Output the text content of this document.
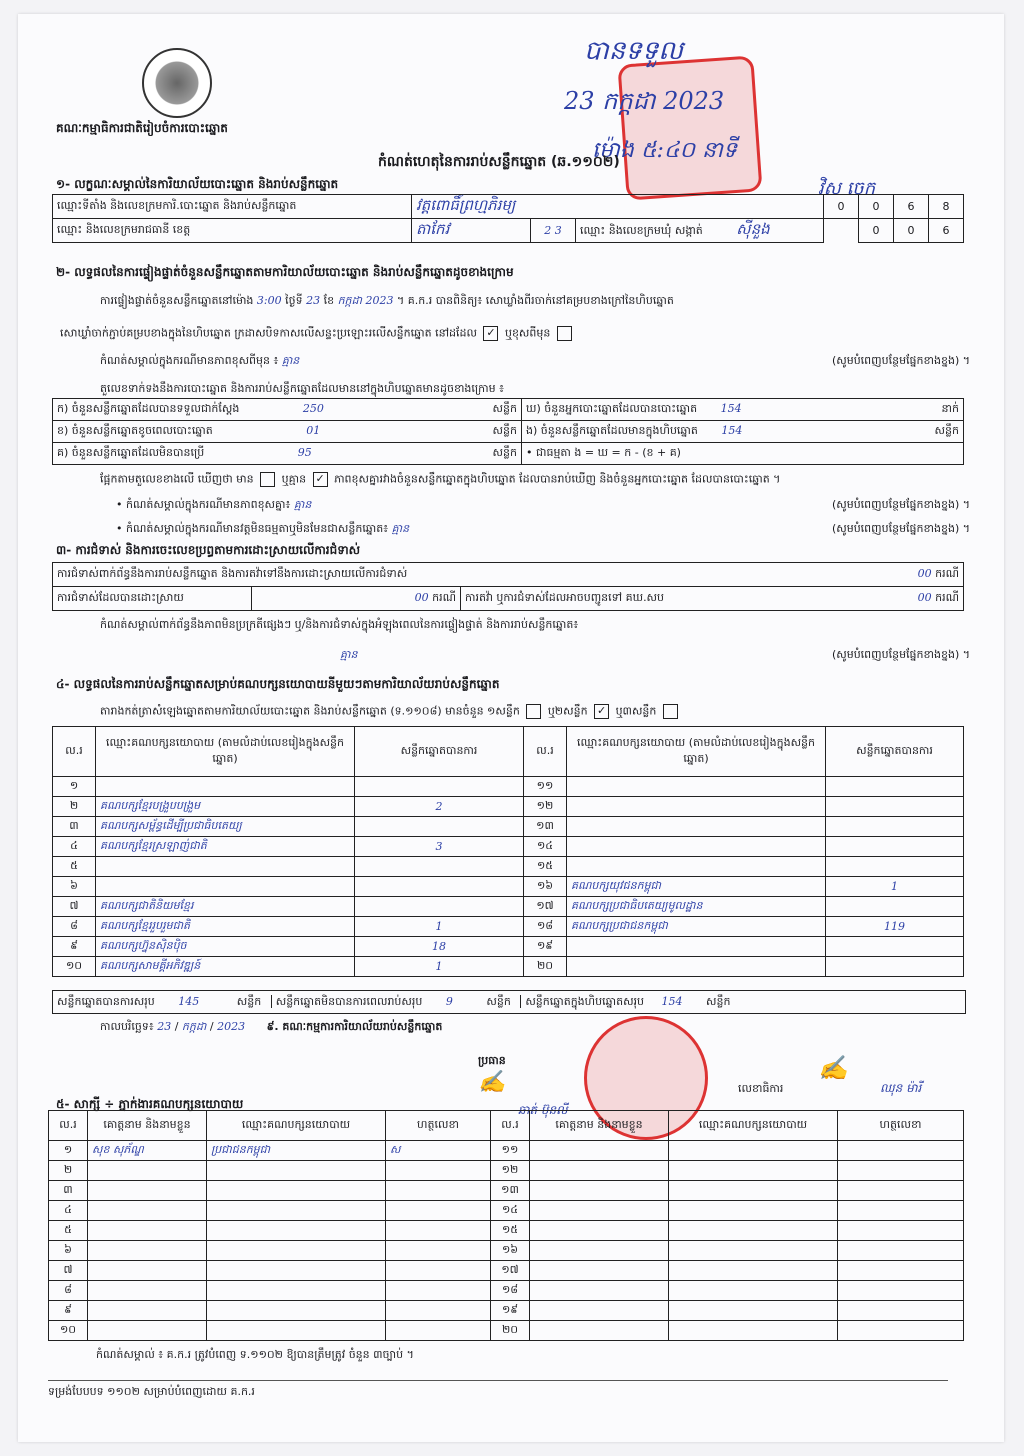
បានទទួល
23 កក្កដា 2023
ម៉ោង ៥:៤០ នាទី
វិស ចេក
គណៈកម្មាធិការជាតិរៀបចំការបោះឆ្នោត
កំណត់ហេតុនៃការរាប់សន្លឹកឆ្នោត (ឆ.១១០២)
១- លក្ខណៈសម្គាល់នៃការិយាល័យបោះឆ្នោត និងរាប់សន្លឹកឆ្នោត
ឈ្មោះទីតាំង និងលេខក្រមការិ.បោះឆ្នោត និងរាប់សន្លឹកឆ្នោត	វត្តពោធិ៍ព្រហ្មភិរម្យ			0	0	6	8
ឈ្មោះ និងលេខក្រមរាជធានី ខេត្ត	តាកែវ	2 3	ឈ្មោះ និងលេខក្រមឃុំ សង្កាត់ ស៊ីនួង		0	0	6
២- លទ្ធផលនៃការផ្ទៀងផ្ទាត់ចំនួនសន្លឹកឆ្នោតតាមការិយាល័យបោះឆ្នោត និងរាប់សន្លឹកឆ្នោតដូចខាងក្រោម
ការផ្ទៀងផ្ទាត់ចំនួនសន្លឹកឆ្នោតនៅម៉ោង 3:00 ថ្ងៃទី 23 ខែ កក្កដា 2023 ។ គ.ក.រ បានពិនិត្យ៖ សោឃ្លាំងពីរចាក់នៅគម្របខាងក្រៅនៃហិបឆ្នោត
សោឃ្លាំចាក់ភ្ជាប់គម្របខាងក្នុងនៃហិបឆ្នោត ក្រដាសបិទកាសលើសន្ទះប្រឡោះរលើសន្លឹកឆ្នោត នៅដដែល ✓ ឬខុសពីមុន
កំណត់សម្គាល់ក្នុងករណីមានភាពខុសពីមុន ៖ គ្មាន	(សូមបំពេញបន្ថែមផ្នែកខាងខ្នង) ។
តួលេខទាក់ទងនឹងការបោះឆ្នោត និងការរាប់សន្លឹកឆ្នោតដែលមាននៅក្នុងហិបឆ្នោតមានដូចខាងក្រោម ៖
ក) ចំនួនសន្លឹកឆ្នោតដែលបានទទួលជាក់ស្តែង 250 សន្លឹក	ឃ) ចំនួនអ្នកបោះឆ្នោតដែលបានបោះឆ្នោត 154 នាក់

ខ) ចំនួនសន្លឹកឆ្នោតខូចពេលបោះឆ្នោត 01 សន្លឹក	ង) ចំនួនសន្លឹកឆ្នោតដែលមានក្នុងហិបឆ្នោត 154 សន្លឹក

គ) ចំនួនសន្លឹកឆ្នោតដែលមិនបានប្រើ 95 សន្លឹក	• ជាធម្មតា ង = ឃ = ក - (ខ + គ)
ផ្អែកតាមតួលេខខាងលើ ឃើញថា មាន	ឬគ្មាន ✓ ភាពខុសគ្នារវាងចំនួនសន្លឹកឆ្នោតក្នុងហិបឆ្នោត ដែលបានរាប់ឃើញ និងចំនួនអ្នកបោះឆ្នោត ដែលបានបោះឆ្នោត ។
• កំណត់សម្គាល់ក្នុងករណីមានភាពខុសគ្នា៖ គ្មាន	(សូមបំពេញបន្ថែមផ្នែកខាងខ្នង) ។
• កំណត់សម្គាល់ក្នុងករណីមានវត្តមិនធម្មតាឬមិនមែនជាសន្លឹកឆ្នោត៖ គ្មាន	(សូមបំពេញបន្ថែមផ្នែកខាងខ្នង) ។
៣- ការជំទាស់ និងការចេះលេខប្រព្ធតាមការដោះស្រាយលើការជំទាស់
ការជំទាស់ពាក់ព័ន្ធនឹងការរាប់សន្លឹកឆ្នោត និងការតវ៉ាទៅនឹងការដោះស្រាយលើការជំទាស់	00 ករណី

ការជំទាស់ដែលបានដោះស្រាយ	00 ករណី	ការតវ៉ា ឬការជំទាស់ដែលអាចបញ្ជូនទៅ គឃ.សប	00 ករណី
កំណត់សម្គាល់ពាក់ព័ន្ធនឹងភាពមិនប្រក្រតីផ្សេងៗ ឬ/និងការជំទាស់ក្នុងអំឡុងពេលនៃការផ្ទៀងផ្ទាត់ និងការរាប់សន្លឹកឆ្នោត៖
គ្មាន	(សូមបំពេញបន្ថែមផ្នែកខាងខ្នង) ។
៤- លទ្ធផលនៃការរាប់សន្លឹកឆ្នោតសម្រាប់គណបក្សនយោបាយនីមួយៗតាមការិយាល័យរាប់សន្លឹកឆ្នោត
តារាងកត់ត្រាសំឡេងឆ្នោតតាមការិយាល័យបោះឆ្នោត និងរាប់សន្លឹកឆ្នោត (ទ.១១០៨) មានចំនួន ១សន្លឹក	ឬ២សន្លឹក ✓ ឬ៣សន្លឹក
ល.រ	ឈ្មោះគណបក្សនយោបាយ (តាមលំដាប់លេខរៀងក្នុងសន្លឹកឆ្នោត)	សន្លឹកឆ្នោតបានការ	ល.រ	ឈ្មោះគណបក្សនយោបាយ (តាមលំដាប់លេខរៀងក្នុងសន្លឹកឆ្នោត)	សន្លឹកឆ្នោតបានការ
១			១១		
២	គណបក្សខ្មែរបង្រួបបង្រួម	2	១២		
៣	គណបក្សសម្ព័ន្ធដើម្បីប្រជាធិបតេយ្យ		១៣		
៤	គណបក្សខ្មែរស្រឡាញ់ជាតិ	3	១៤		
៥			១៥		
៦			១៦	គណបក្សយុវជនកម្ពុជា	1
៧	គណបក្សជាតិនិយមខ្មែរ		១៧	គណបក្សប្រជាធិបតេយ្យមូលដ្ឋាន	
៨	គណបក្សខ្មែររួបរួមជាតិ	1	១៨	គណបក្សប្រជាជនកម្ពុជា	119
៩	គណបក្សហ្វ៊ុនស៊ិនប៉ិច	18	១៩		
១០	គណបក្សសាមគ្គីអភិវឌ្ឍន៍	1	២០		
សន្លឹកឆ្នោតបានការសរុប 145	សន្លឹក សន្លឹកឆ្នោតមិនបានការពេលរាប់សរុប 9	សន្លឹក សន្លឹកឆ្នោតក្នុងហិបឆ្នោតសរុប 154 សន្លឹក
កាលបរិច្ឆេទ៖ 23 / កក្កដា / 2023 ៩. គណៈកម្មការការិយាល័យរាប់សន្លឹកឆ្នោត
ប្រធាន
✍
ឆាត់ ប៊ុនលី
លេខាធិការ
✍
ឈុន ម៉ារី
៥- សាក្សី ÷ ភ្នាក់ងារគណបក្សនយោបាយ
ល.រ	គោត្តនាម និងនាមខ្លួន	ឈ្មោះគណបក្សនយោបាយ	ហត្ថលេខា	ល.រ	គោត្តនាម និងនាមខ្លួន	ឈ្មោះគណបក្សនយោបាយ	ហត្ថលេខា
១	សុខ សុភ័ណ្ឌ	ប្រជាជនកម្ពុជា	ស	១១			
២				១២			
៣				១៣			
៤				១៤			
៥				១៥			
៦				១៦			
៧				១៧			
៨				១៨			
៩				១៩			
១០				២០			
កំណត់សម្គាល់ ៖ គ.ក.រ ត្រូវបំពេញ ទ.១១០២ ឱ្យបានត្រឹមត្រូវ ចំនួន ៣ច្បាប់ ។
ទម្រង់បែបបទ ១១០២ សម្រាប់បំពេញដោយ គ.ក.រ
